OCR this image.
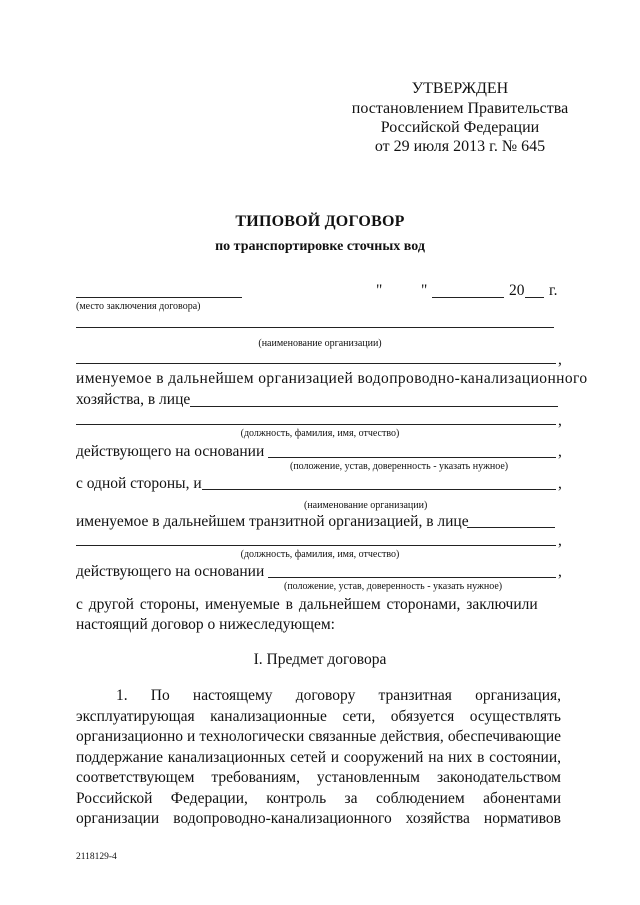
УТВЕРЖДЕН
постановлением Правительства
Российской Федерации
от 29 июля 2013 г. № 645
ТИПОВОЙ ДОГОВОР
по транспортировке сточных вод
(место заключения договора)
" "	20 г.
(наименование организации)
,
именуемое в дальнейшем организацией водопроводно-канализационного
хозяйства, в лице
,
(должность, фамилия, имя, отчество)
действующего на основании	,
(положение, устав, доверенность - указать нужное)
с одной стороны, и	,
(наименование организации)
именуемое в дальнейшем транзитной организацией, в лице
,
(должность, фамилия, имя, отчество)
действующего на основании	,
(положение, устав, доверенность - указать нужное)
с другой стороны, именуемые в дальнейшем сторонами, заключили
настоящий договор о нижеследующем:
I. Предмет договора
1. По настоящему договору транзитная организация,
эксплуатирующая канализационные сети, обязуется осуществлять
организационно и технологически связанные действия, обеспечивающие
поддержание канализационных сетей и сооружений на них в состоянии,
соответствующем требованиям, установленным законодательством
Российской Федерации, контроль за соблюдением абонентами
организации водопроводно-канализационного хозяйства нормативов
2118129-4
